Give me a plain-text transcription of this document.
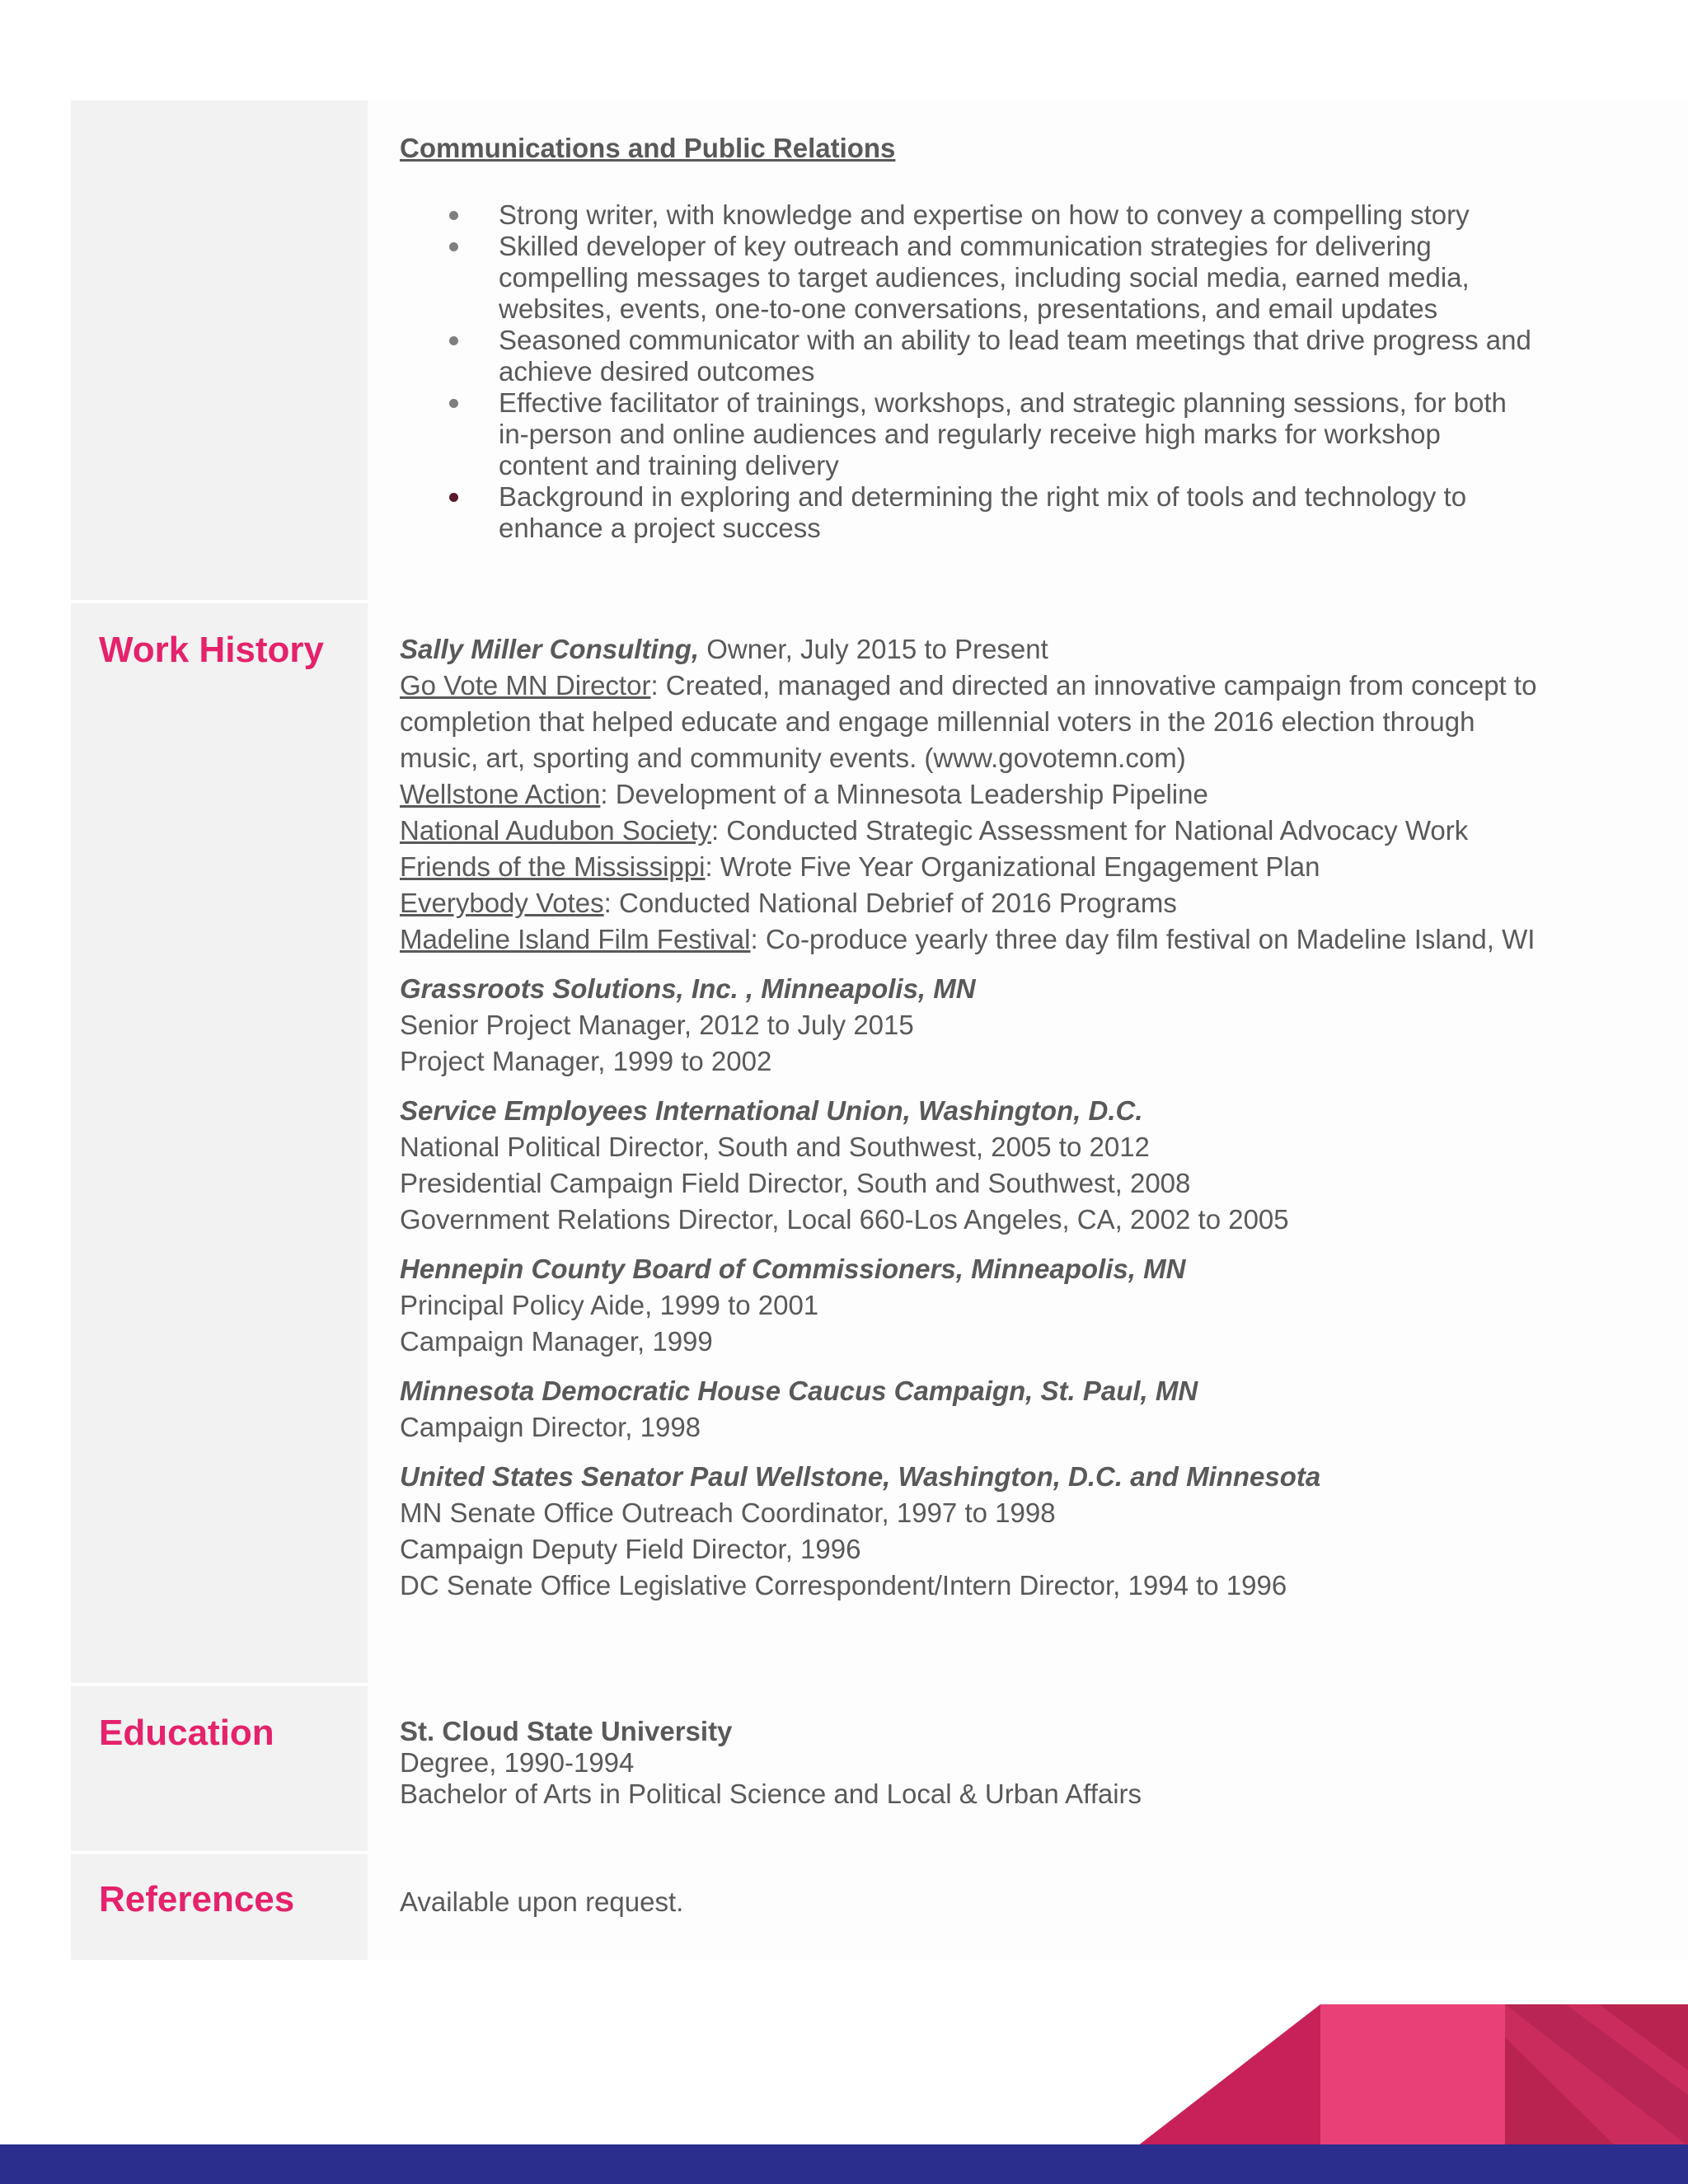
Communications and Public Relations
Strong writer, with knowledge and expertise on how to convey a compelling story
Skilled developer of key outreach and communication strategies for delivering compelling messages to target audiences, including social media, earned media, websites, events, one-to-one conversations, presentations, and email updates
Seasoned communicator with an ability to lead team meetings that drive progress and achieve desired outcomes
Effective facilitator of trainings, workshops, and strategic planning sessions, for both in-person and online audiences and regularly receive high marks for workshop content and training delivery
Background in exploring and determining the right mix of tools and technology to enhance a project success
Work History	Sally Miller Consulting, Owner, July 2015 to Present
Go Vote MN Director: Created, managed and directed an innovative campaign from concept to completion that helped educate and engage millennial voters in the 2016 election through music, art, sporting and community events. (www.govotemn.com)
Wellstone Action: Development of a Minnesota Leadership Pipeline
National Audubon Society: Conducted Strategic Assessment for National Advocacy Work
Friends of the Mississippi: Wrote Five Year Organizational Engagement Plan
Everybody Votes: Conducted National Debrief of 2016 Programs
Madeline Island Film Festival: Co-produce yearly three day film festival on Madeline Island, WI
Grassroots Solutions, Inc. , Minneapolis, MN
Senior Project Manager, 2012 to July 2015
Project Manager, 1999 to 2002
Service Employees International Union, Washington, D.C.
National Political Director, South and Southwest, 2005 to 2012
Presidential Campaign Field Director, South and Southwest, 2008
Government Relations Director, Local 660-Los Angeles, CA, 2002 to 2005
Hennepin County Board of Commissioners, Minneapolis, MN
Principal Policy Aide, 1999 to 2001
Campaign Manager, 1999
Minnesota Democratic House Caucus Campaign, St. Paul, MN
Campaign Director, 1998
United States Senator Paul Wellstone, Washington, D.C. and Minnesota
MN Senate Office Outreach Coordinator, 1997 to 1998
Campaign Deputy Field Director, 1996
DC Senate Office Legislative Correspondent/Intern Director, 1994 to 1996
Education	St. Cloud State University
Degree, 1990-1994
Bachelor of Arts in Political Science and Local & Urban Affairs
References	Available upon request.
